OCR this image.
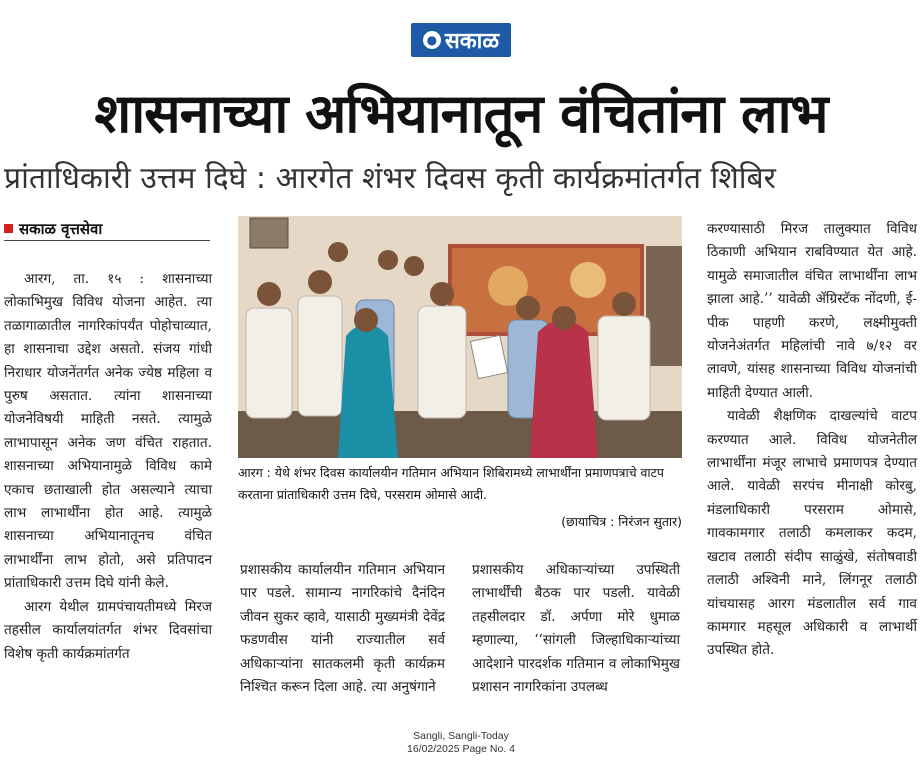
● सकाळ
शासनाच्या अभियानातून वंचितांना लाभ
प्रांताधिकारी उत्तम दिघे : आरगेत शंभर दिवस कृती कार्यक्रमांतर्गत शिबिर
सकाळ वृत्तसेवा

आरग, ता. १५ : शासनाच्या लोकाभिमुख विविध योजना आहेत. त्या तळागाळातील नागरिकांपर्यंत पोहोचाव्यात, हा शासनाचा उद्देश असतो. संजय गांधी निराधार योजनेंतर्गत अनेक ज्येष्ठ महिला व पुरुष असतात. त्यांना शासनाच्या योजनेविषयी माहिती नसते. त्यामुळे लाभापासून अनेक जण वंचित राहतात. शासनाच्या अभियानामुळे विविध कामे एकाच छताखाली होत असल्याने त्याचा लाभ लाभार्थींना होत आहे. त्यामुळे शासनाच्या अभियानातूनच वंचित लाभार्थींना लाभ होतो, असे प्रतिपादन प्रांताधिकारी उत्तम दिघे यांनी केले.

आरग येथील ग्रामपंचायतीमध्ये मिरज तहसील कार्यालयांतर्गत शंभर दिवसांचा विशेष कृती कार्यक्रमांतर्गत

आरग : येथे शंभर दिवस कार्यालयीन गतिमान अभियान शिबिरामध्ये लाभार्थींना प्रमाणपत्राचे वाटप करताना प्रांताधिकारी उत्तम दिघे, परसराम ओमासे आदी.
(छायाचित्र : निरंजन सुतार)

प्रशासकीय कार्यालयीन गतिमान अभियान पार पडले. सामान्य नागरिकांचे दैनंदिन जीवन सुकर व्हावे, यासाठी मुख्यमंत्री देवेंद्र फडणवीस यांनी राज्यातील सर्व अधिकाऱ्यांना सातकलमी कृती कार्यक्रम निश्चित करून दिला आहे. त्या अनुषंगाने

प्रशासकीय अधिकाऱ्यांच्या उपस्थिती लाभार्थींची बैठक पार पडली. यावेळी तहसीलदार डॉ. अर्पणा मोरे धुमाळ म्हणाल्या, ‘‘सांगली जिल्हाधिकाऱ्यांच्या आदेशाने पारदर्शक गतिमान व लोकाभिमुख प्रशासन नागरिकांना उपलब्ध

करण्यासाठी मिरज तालुक्यात विविध ठिकाणी अभियान राबविण्यात येत आहे. यामुळे समाजातील वंचित लाभार्थींना लाभ झाला आहे.’’ यावेळी ॲग्रिस्टॅक नोंदणी, ई-पीक पाहणी करणे, लक्ष्मीमुक्ती योजनेअंतर्गत महिलांची नावे ७/१२ वर लावणे, यांसह शासनाच्या विविध योजनांची माहिती देण्यात आली.

यावेळी शैक्षणिक दाखल्यांचे वाटप करण्यात आले. विविध योजनेतील लाभार्थींना मंजूर लाभाचे प्रमाणपत्र देण्यात आले. यावेळी सरपंच मीनाक्षी कोरबु, मंडलाधिकारी परसराम ओमासे, गावकामगार तलाठी कमलाकर कदम, खटाव तलाठी संदीप साळुंखे, संतोषवाडी तलाठी अश्विनी माने, लिंगनूर तलाठी यांचयासह आरग मंडलातील सर्व गाव कामगार महसूल अधिकारी व लाभार्थी उपस्थित होते.

Sangli, Sangli-Today
16/02/2025 Page No. 4
